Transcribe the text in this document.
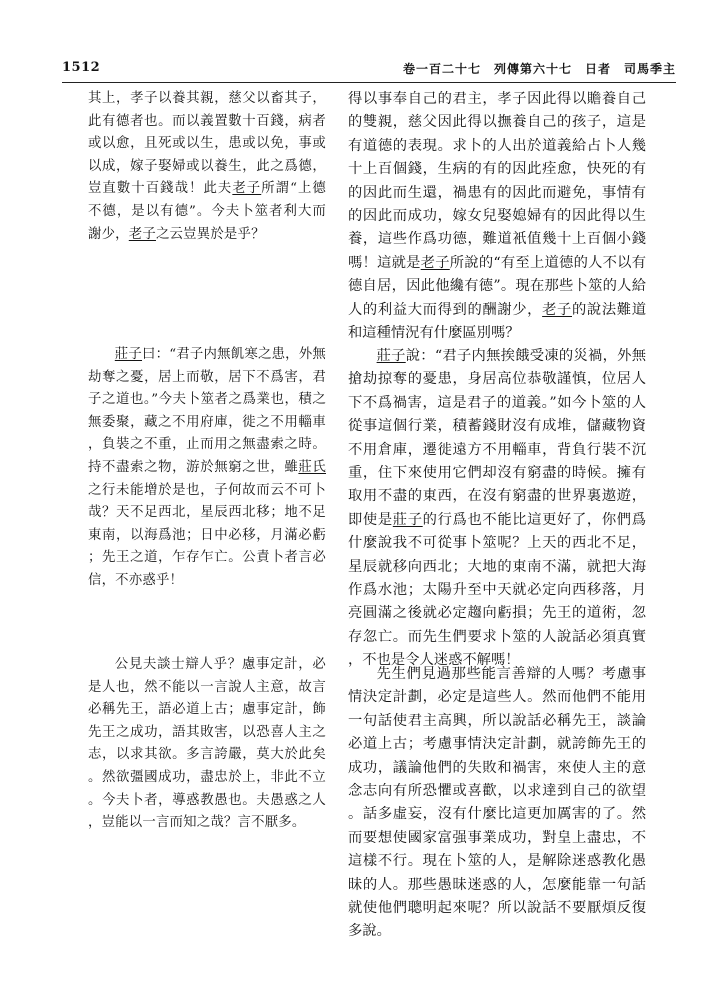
1512	卷一百二十七　列傳第六十七　日者　司馬季主

其上，孝子以養其親，慈父以畜其子，此有德者也。而以義置數十百錢，病者或以愈，且死或以生，患或以免，事或以成，嫁子娶婦或以養生，此之爲德，豈直數十百錢哉！此夫老子所謂“上德不德，是以有德”。今夫卜筮者利大而謝少，老子之云豈異於是乎？

莊子曰：“君子内無飢寒之患，外無劫奪之憂，居上而敬，居下不爲害，君子之道也。”今夫卜筮者之爲業也，積之無委聚，藏之不用府庫，徙之不用輜車，負裝之不重，止而用之無盡索之時。持不盡索之物，游於無窮之世，雖莊氏之行未能增於是也，子何故而云不可卜哉？天不足西北，星辰西北移；地不足東南，以海爲池；日中必移，月滿必虧；先王之道，乍存乍亡。公責卜者言必信，不亦惑乎！

公見夫談士辯人乎？慮事定計，必是人也，然不能以一言說人主意，故言必稱先王，語必道上古；慮事定計，飾先王之成功，語其敗害，以恐喜人主之志，以求其欲。多言誇嚴，莫大於此矣。然欲彊國成功，盡忠於上，非此不立。今夫卜者，導惑教愚也。夫愚惑之人，豈能以一言而知之哉？言不厭多。

得以事奉自己的君主，孝子因此得以贍養自己的雙親，慈父因此得以撫養自己的孩子，這是有道德的表現。求卜的人出於道義給占卜人幾十上百個錢，生病的有的因此痊愈，快死的有的因此而生還，禍患有的因此而避免，事情有的因此而成功，嫁女兒娶媳婦有的因此得以生養，這些作爲功德，難道衹值幾十上百個小錢嗎！這就是老子所說的“有至上道德的人不以有德自居，因此他纔有德”。現在那些卜筮的人給人的利益大而得到的酬謝少，老子的說法難道和這種情況有什麼區別嗎？

莊子說：“君子内無挨餓受凍的災禍，外無搶劫掠奪的憂患，身居高位恭敬謹慎，位居人下不爲禍害，這是君子的道義。”如今卜筮的人從事這個行業，積蓄錢財沒有成堆，儲藏物資不用倉庫，遷徙遠方不用輜車，背負行裝不沉重，住下來使用它們却沒有窮盡的時候。擁有取用不盡的東西，在沒有窮盡的世界裏遨遊，即使是莊子的行爲也不能比這更好了，你們爲什麼說我不可從事卜筮呢？上天的西北不足，星辰就移向西北；大地的東南不滿，就把大海作爲水池；太陽升至中天就必定向西移落，月亮圓滿之後就必定趨向虧損；先王的道術，忽存忽亡。而先生們要求卜筮的人說話必須真實，不也是令人迷惑不解嗎！

先生們見過那些能言善辯的人嗎？考慮事情決定計劃，必定是這些人。然而他們不能用一句話使君主高興，所以說話必稱先王，談論必道上古；考慮事情決定計劃，就誇飾先王的成功，議論他們的失敗和禍害，來使人主的意念志向有所恐懼或喜歡，以求達到自己的欲望。話多虛妄，沒有什麼比這更加厲害的了。然而要想使國家富强事業成功，對皇上盡忠，不這樣不行。現在卜筮的人，是解除迷惑教化愚昧的人。那些愚昧迷惑的人，怎麼能靠一句話就使他們聰明起來呢？所以說話不要厭煩反復多說。
